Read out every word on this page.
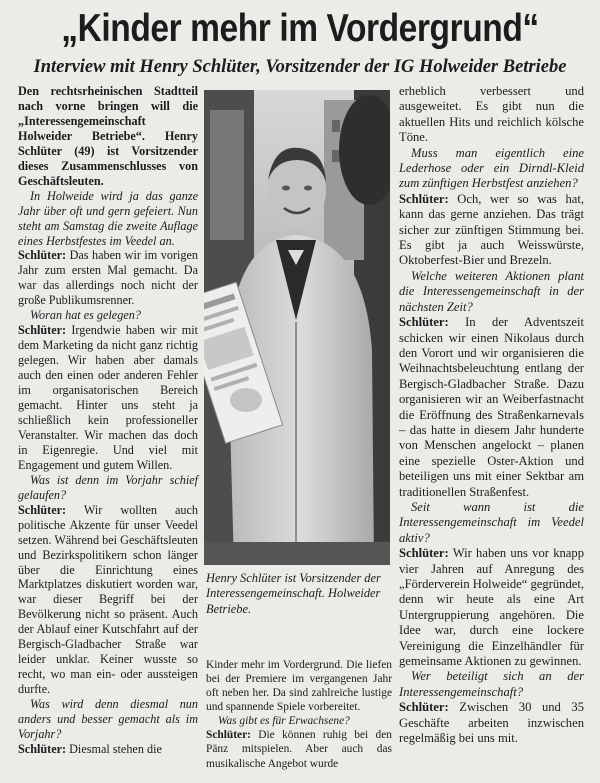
„Kinder mehr im Vordergrund“
Interview mit Henry Schlüter, Vorsitzender der IG Holweider Betriebe

Den rechtsrheinischen Stadtteil nach vorne bringen will die „Interessengemeinschaft Holweider Betriebe“. Henry Schlüter (49) ist Vorsitzender dieses Zusammenschlusses von Geschäftsleuten.

In Holweide wird ja das ganze Jahr über oft und gern gefeiert. Nun steht am Samstag die zweite Auflage eines Herbstfestes im Veedel an.

Schlüter: Das haben wir im vorigen Jahr zum ersten Mal gemacht. Da war das allerdings noch nicht der große Publikumsrenner.

Woran hat es gelegen?

Schlüter: Irgendwie haben wir mit dem Marketing da nicht ganz richtig gelegen. Wir haben aber damals auch den einen oder anderen Fehler im organisatorischen Bereich gemacht. Hinter uns steht ja schließlich kein professioneller Veranstalter. Wir machen das doch in Eigenregie. Und viel mit Engagement und gutem Willen.

Was ist denn im Vorjahr schief gelaufen?

Schlüter: Wir wollten auch politische Akzente für unser Veedel setzen. Während bei Geschäftsleuten und Bezirkspolitikern schon länger über die Einrichtung eines Marktplatzes diskutiert worden war, war dieser Begriff bei der Bevölkerung nicht so präsent. Auch der Ablauf einer Kutschfahrt auf der Bergisch-Gladbacher Straße war leider unklar. Keiner wusste so recht, wo man ein- oder aussteigen durfte.

Was wird denn diesmal nun anders und besser gemacht als im Vorjahr?

Schlüter: Diesmal stehen die

Henry Schlüter ist Vorsitzender der Interessengemeinschaft. Holweider Betriebe.

Kinder mehr im Vordergrund. Die liefen bei der Premiere im vergangenen Jahr oft neben her. Da sind zahlreiche lustige und spannende Spiele vorbereitet.

Was gibt es für Erwachsene?

Schlüter: Die können ruhig bei den Pänz mitspielen. Aber auch das musikalische Angebot wurde

erheblich verbessert und ausgeweitet. Es gibt nun die aktuellen Hits und reichlich kölsche Töne.

Muss man eigentlich eine Lederhose oder ein Dirndl-Kleid zum zünftigen Herbstfest anziehen?

Schlüter: Och, wer so was hat, kann das gerne anziehen. Das trägt sicher zur zünftigen Stimmung bei. Es gibt ja auch Weisswürste, Oktoberfest-Bier und Brezeln.

Welche weiteren Aktionen plant die Interessengemeinschaft in der nächsten Zeit?

Schlüter: In der Adventszeit schicken wir einen Nikolaus durch den Vorort und wir organisieren die Weihnachtsbeleuchtung entlang der Bergisch-Gladbacher Straße. Dazu organisieren wir an Weiberfastnacht die Eröffnung des Straßenkarnevals – das hatte in diesem Jahr hunderte von Menschen angelockt – planen eine spezielle Oster-Aktion und beteiligen uns mit einer Sektbar am traditionellen Straßenfest.

Seit wann ist die Interessengemeinschaft im Veedel aktiv?

Schlüter: Wir haben uns vor knapp vier Jahren auf Anregung des „Förderverein Holweide“ gegründet, denn wir heute als eine Art Untergruppierung angehören. Die Idee war, durch eine lockere Vereinigung die Einzelhändler für gemeinsame Aktionen zu gewinnen.

Wer beteiligt sich an der Interessengemeinschaft?

Schlüter: Zwischen 30 und 35 Geschäfte arbeiten inzwischen regelmäßig bei uns mit.
